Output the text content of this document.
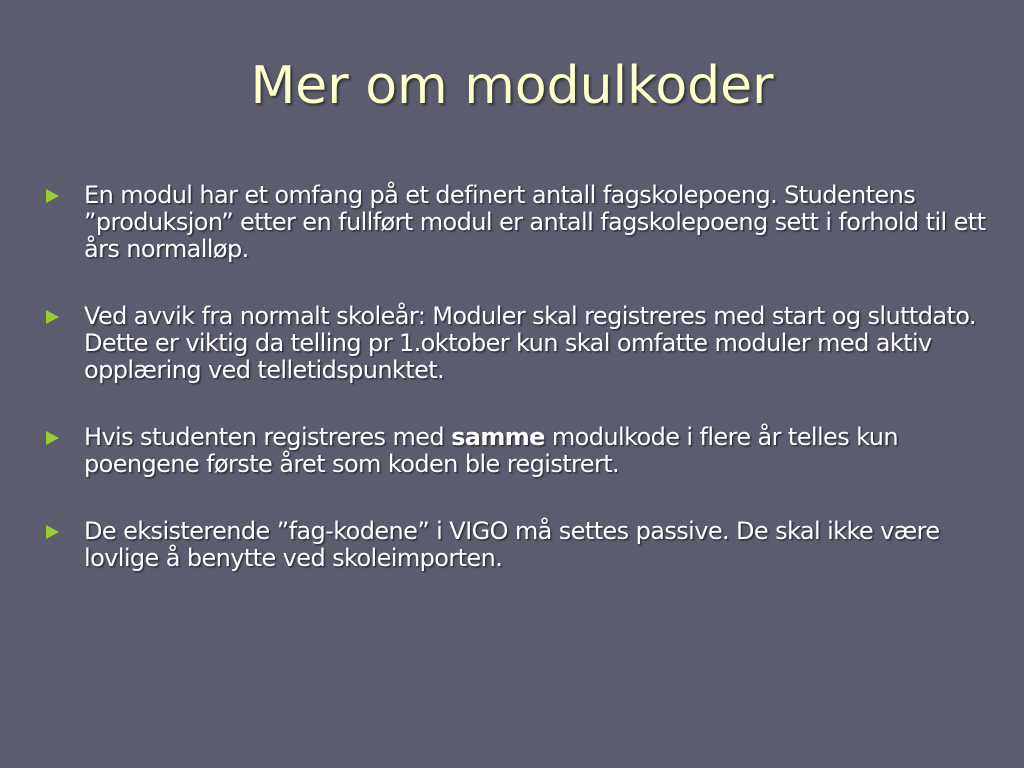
Mer om modulkoder
En modul har et omfang på et definert antall fagskolepoeng. Studentens ”produksjon” etter en fullført modul er antall fagskolepoeng sett i forhold til ett års normalløp.
Ved avvik fra normalt skoleår: Moduler skal registreres med start og sluttdato. Dette er viktig da telling pr 1.oktober kun skal omfatte moduler med aktiv opplæring ved telletidspunktet.
Hvis studenten registreres med samme modulkode i flere år telles kun poengene første året som koden ble registrert.
De eksisterende ”fag-kodene” i VIGO må settes passive. De skal ikke være lovlige å benytte ved skoleimporten.
